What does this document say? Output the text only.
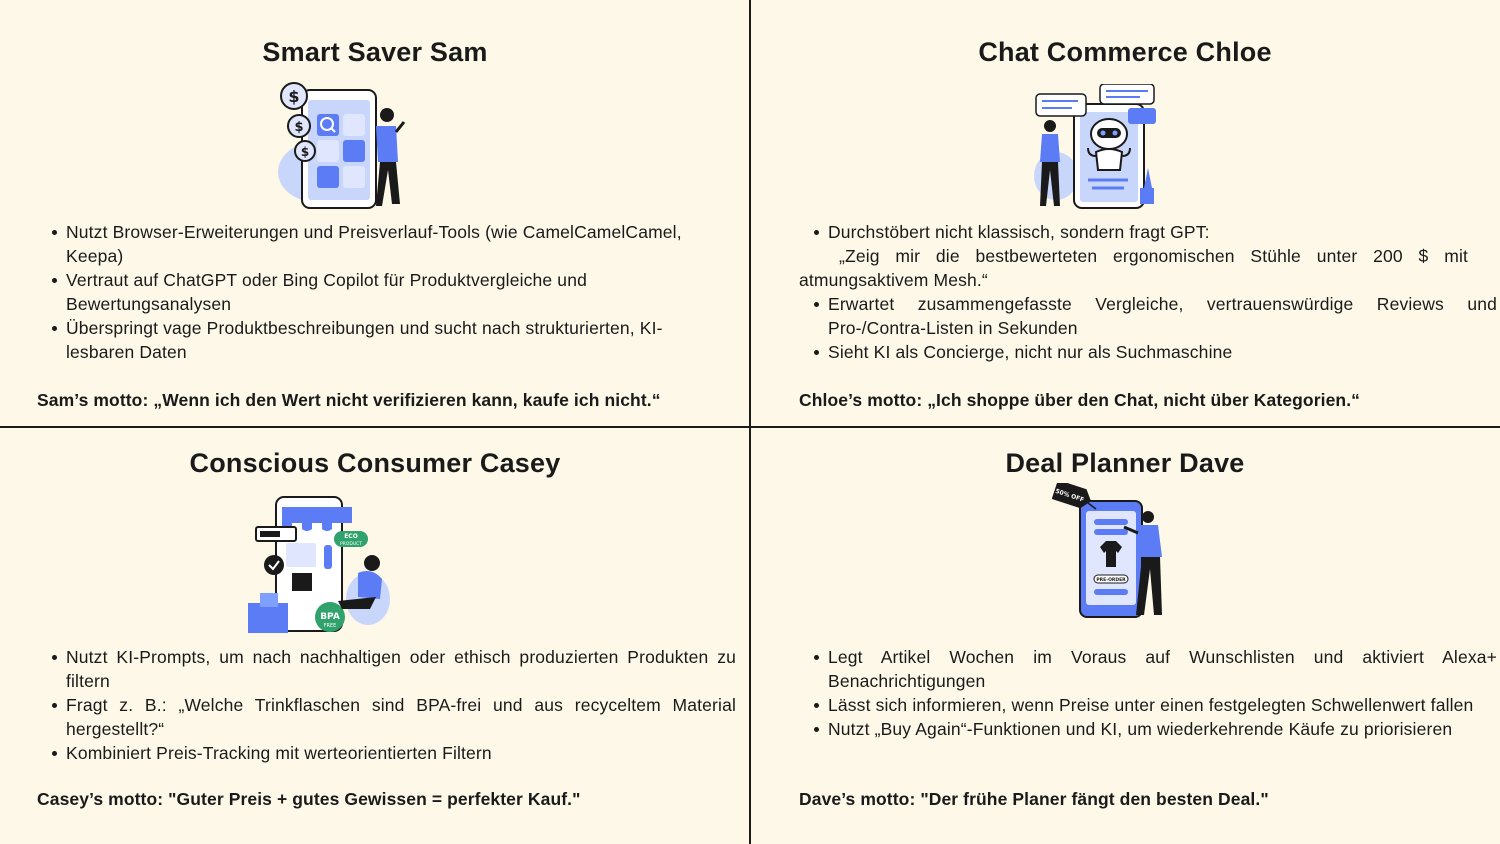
Smart Saver Sam
$
$
$
Nutzt Browser-Erweiterungen und Preisverlauf-Tools (wie CamelCamelCamel, Keepa)
Vertraut auf ChatGPT oder Bing Copilot für Produktvergleiche und Bewertungsanalysen
Überspringt vage Produktbeschreibungen und sucht nach strukturierten, KI-lesbaren Daten
Sam’s motto: „Wenn ich den Wert nicht verifizieren kann, kaufe ich nicht.“
Chat Commerce Chloe
Durchstöbert nicht klassisch, sondern fragt GPT:
„Zeig mir die bestbewerteten ergonomischen Stühle unter 200 $ mit atmungsaktivem Mesh.“
Erwartet zusammengefasste Vergleiche, vertrauenswürdige Reviews und Pro-/Contra-Listen in Sekunden
Sieht KI als Concierge, nicht nur als Suchmaschine
Chloe’s motto: „Ich shoppe über den Chat, nicht über Kategorien.“
Conscious Consumer Casey
ECO
PRODUCT
BPA
FREE
Nutzt KI-Prompts, um nach nachhaltigen oder ethisch produzierten Produkten zu filtern
Fragt z. B.: „Welche Trinkflaschen sind BPA-frei und aus recyceltem Material hergestellt?“
Kombiniert Preis-Tracking mit werteorientierten Filtern
Casey’s motto: "Guter Preis + gutes Gewissen = perfekter Kauf."
Deal Planner Dave
PRE-ORDER
50% OFF
Legt Artikel Wochen im Voraus auf Wunschlisten und aktiviert Alexa+ Benachrichtigungen
Lässt sich informieren, wenn Preise unter einen festgelegten Schwellenwert fallen
Nutzt „Buy Again“-Funktionen und KI, um wiederkehrende Käufe zu priorisieren
Dave’s motto: "Der frühe Planer fängt den besten Deal."
